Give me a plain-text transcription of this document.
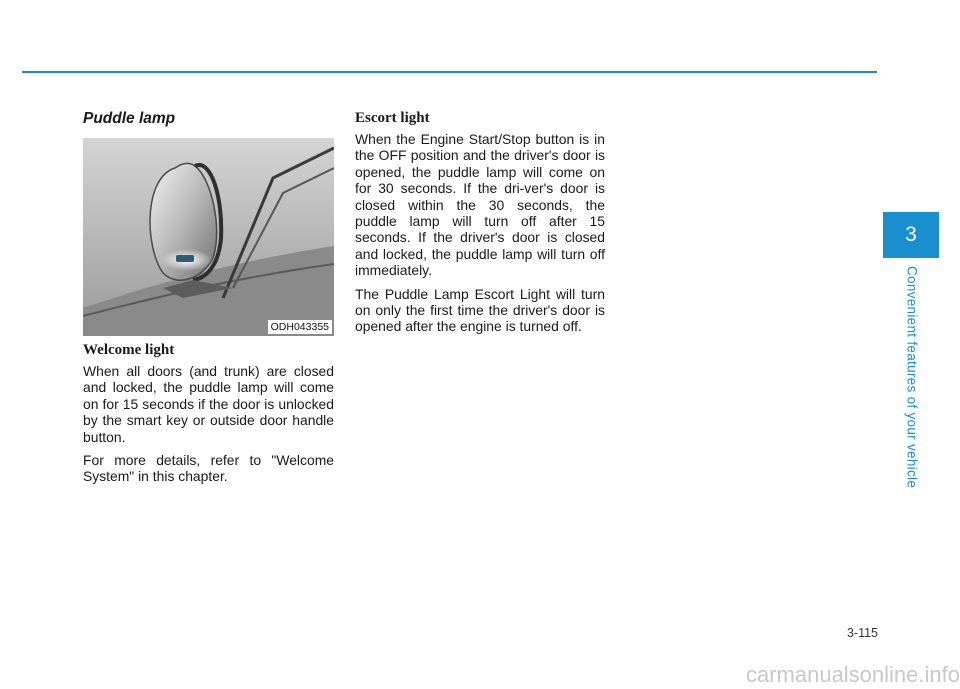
Puddle lamp
ODH043355
Welcome light

When all doors (and trunk) are closed and locked, the puddle lamp will come on for 15 seconds if the door is unlocked by the smart key or outside door handle button.

For more details, refer to "Welcome System" in this chapter.

Escort light

When the Engine Start/Stop button is in the OFF position and the driver's door is opened, the puddle lamp will come on for 30 seconds. If the dri-ver's door is closed within the 30 seconds, the puddle lamp will turn off after 15 seconds. If the driver's door is closed and locked, the puddle lamp will turn off immediately.

The Puddle Lamp Escort Light will turn on only the first time the driver's door is opened after the engine is turned off.

3
Convenient features of your vehicle
3-115
carmanualsonline.info
